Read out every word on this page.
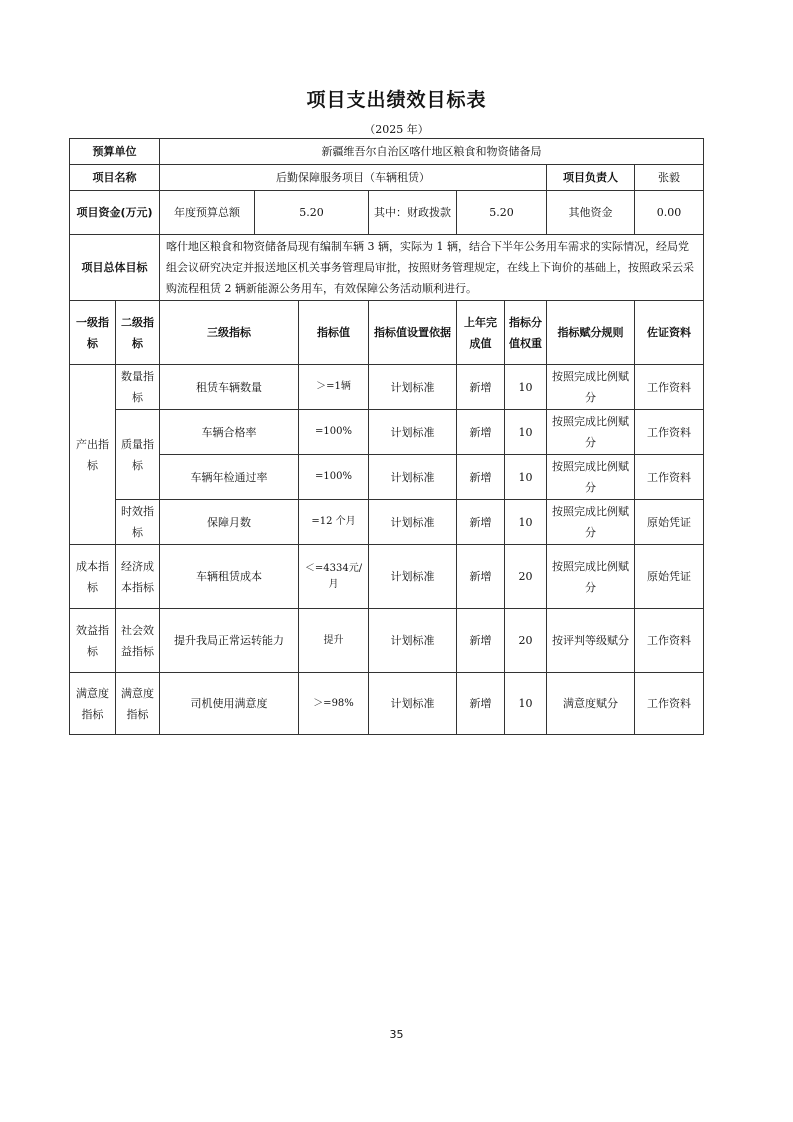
项目支出绩效目标表
（2025 年）
预算单位		新疆维吾尔自治区喀什地区粮食和物资储备局							
项目名称		后勤保障服务项目（车辆租赁）						项目负责人	张毅
项目资金(万元)		年度预算总额	5.20		其中：财政拨款	5.20		其他资金	0.00
项目总体目标		喀什地区粮食和物资储备局现有编制车辆 3 辆，实际为 1 辆，结合下半年公务用车需求的实际情况，经局党组会议研究决定并报送地区机关事务管理局审批，按照财务管理规定，在线上下询价的基础上，按照政采云采购流程租赁 2 辆新能源公务用车，有效保障公务活动顺利进行。							
一级指标	二级指标	三级指标		指标值	指标值设置依据	上年完成值	指标分值权重	指标赋分规则	佐证资料
产出指标	数量指标	租赁车辆数量		＞=1辆	计划标准	新增	10	按照完成比例赋分	工作资料
	质量指标	车辆合格率		=100%	计划标准	新增	10	按照完成比例赋分	工作资料
		车辆年检通过率		=100%	计划标准	新增	10	按照完成比例赋分	工作资料
	时效指标	保障月数		=12 个月	计划标准	新增	10	按照完成比例赋分	原始凭证
成本指标	经济成本指标	车辆租赁成本		＜=4334元/月	计划标准	新增	20	按照完成比例赋分	原始凭证
效益指标	社会效益指标	提升我局正常运转能力		提升	计划标准	新增	20	按评判等级赋分	工作资料
满意度指标	满意度指标	司机使用满意度		＞=98%	计划标准	新增	10	满意度赋分	工作资料
35
